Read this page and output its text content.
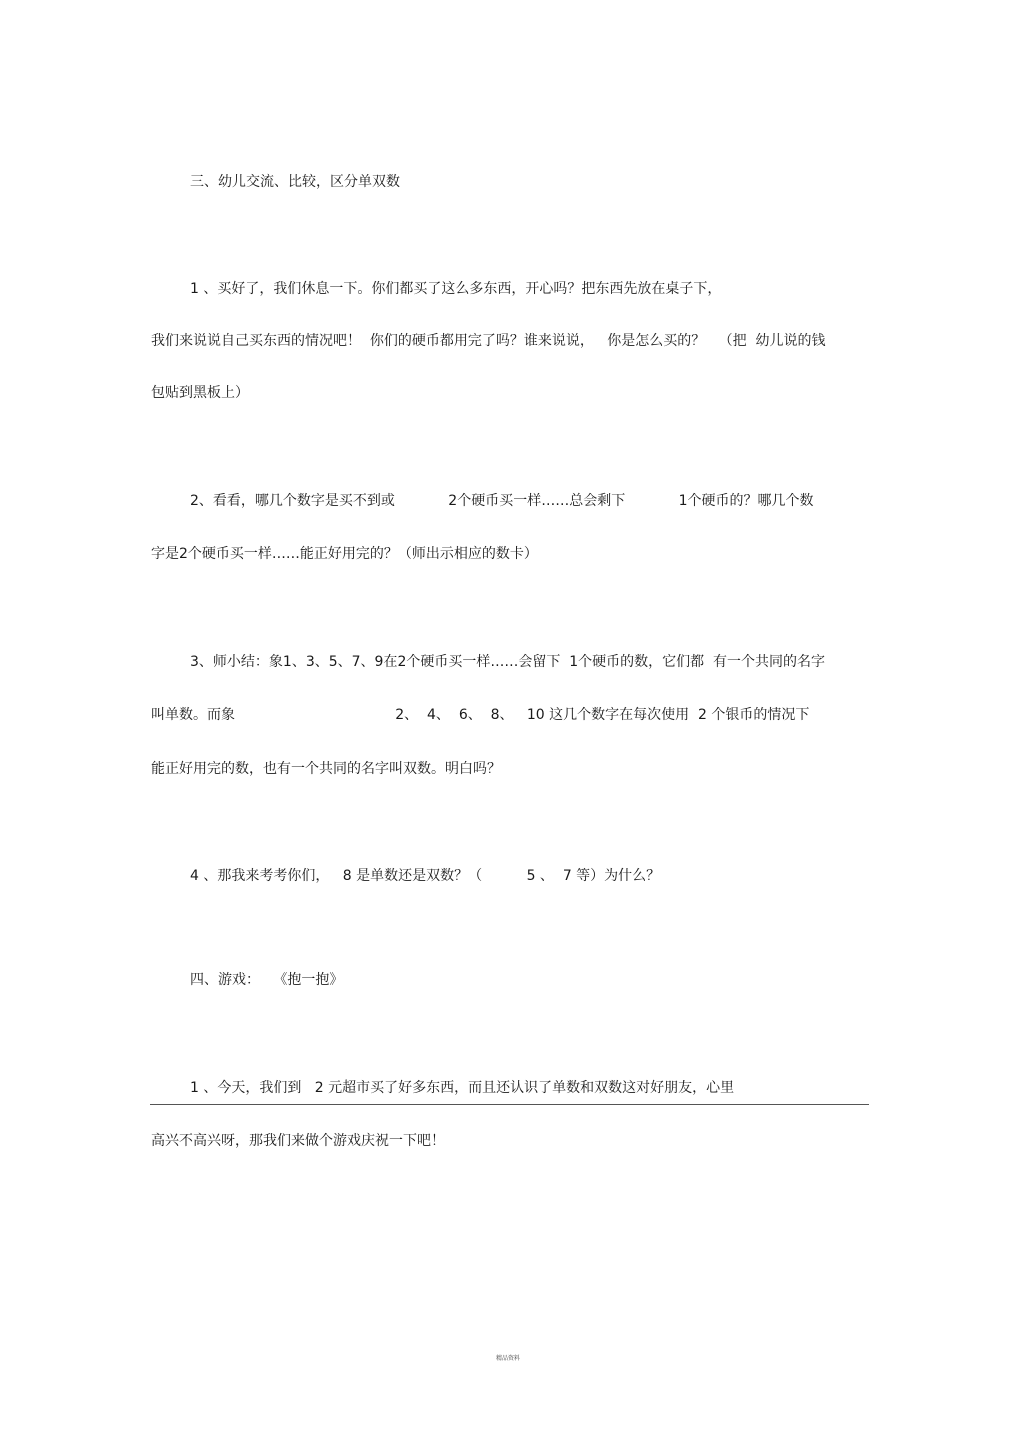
三、幼儿交流、比较，区分单双数

1 、买好了，我们休息一下。你们都买了这么多东西，开心吗？把东西先放在桌子下，

我们来说说自己买东西的情况吧！  你们的硬币都用完了吗？谁来说说，   你是怎么买的？   （把  幼儿说的钱

包贴到黑板上）

2、看看，哪几个数字是买不到或            2个硬币买一样……总会剩下            1个硬币的？哪几个数

字是2个硬币买一样……能正好用完的？（师出示相应的数卡）

3、师小结：象1、3、5、7、9在2个硬币买一样……会留下  1个硬币的数，它们都  有一个共同的名字

叫单数。而象                                    2、  4、  6、  8、   10 这几个数字在每次使用  2 个银币的情况下

能正好用完的数，也有一个共同的名字叫双数。明白吗？

4 、那我来考考你们，   8 是单数还是双数？（          5 、  7 等）为什么？

四、游戏：   《抱一抱》

1 、今天，我们到   2 元超市买了好多东西，而且还认识了单数和双数这对好朋友，心里

高兴不高兴呀，那我们来做个游戏庆祝一下吧！

精品资料
